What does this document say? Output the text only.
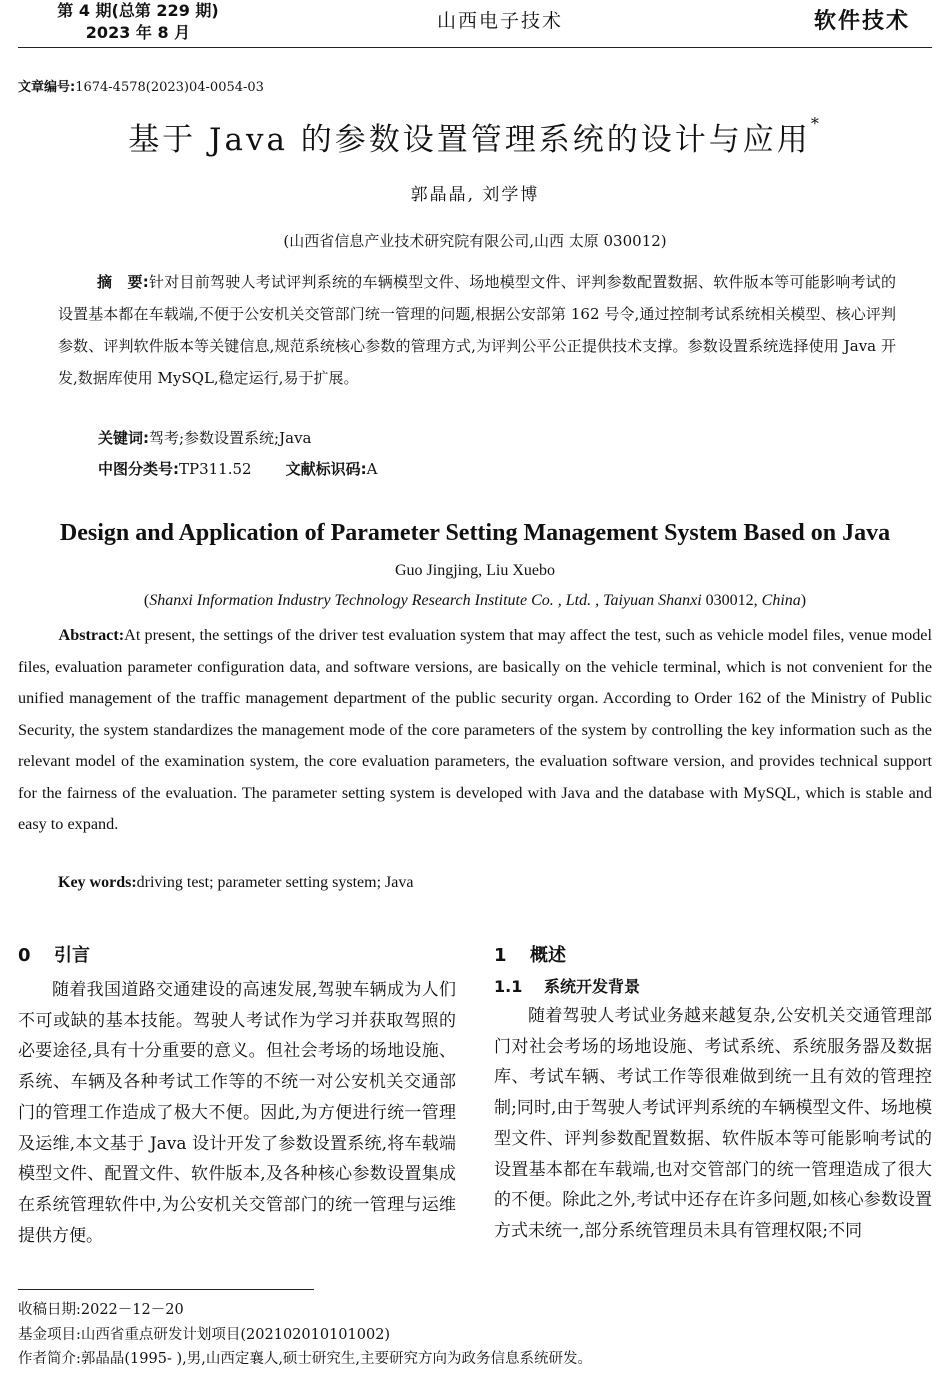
第 4 期(总第 229 期)
2023 年 8 月
山西电子技术	软件技术
文章编号:1674-4578(2023)04-0054-03
基于 Java 的参数设置管理系统的设计与应用*
郭晶晶, 刘学博
(山西省信息产业技术研究院有限公司,山西 太原 030012)
摘　要:针对目前驾驶人考试评判系统的车辆模型文件、场地模型文件、评判参数配置数据、软件版本等可能影响考试的设置基本都在车载端,不便于公安机关交管部门统一管理的问题,根据公安部第 162 号令,通过控制考试系统相关模型、核心评判参数、评判软件版本等关键信息,规范系统核心参数的管理方式,为评判公平公正提供技术支撑。参数设置系统选择使用 Java 开发,数据库使用 MySQL,稳定运行,易于扩展。
关键词:驾考;参数设置系统;Java
中图分类号:TP311.52 文献标识码:A
Design and Application of Parameter Setting Management System Based on Java
Guo Jingjing, Liu Xuebo
(Shanxi Information Industry Technology Research Institute Co. , Ltd. , Taiyuan Shanxi 030012, China)
Abstract:At present, the settings of the driver test evaluation system that may affect the test, such as vehicle model files, venue model files, evaluation parameter configuration data, and software versions, are basically on the vehicle terminal, which is not convenient for the unified management of the traffic management department of the public security organ. According to Order 162 of the Ministry of Public Security, the system standardizes the management mode of the core parameters of the system by controlling the key information such as the relevant model of the examination system, the core evaluation parameters, the evaluation software version, and provides technical support for the fairness of the evaluation. The parameter setting system is developed with Java and the database with MySQL, which is stable and easy to expand.
Key words:driving test; parameter setting system; Java
0 引言
随着我国道路交通建设的高速发展,驾驶车辆成为人们不可或缺的基本技能。驾驶人考试作为学习并获取驾照的必要途径,具有十分重要的意义。但社会考场的场地设施、系统、车辆及各种考试工作等的不统一对公安机关交通部门的管理工作造成了极大不便。因此,为方便进行统一管理及运维,本文基于 Java 设计开发了参数设置系统,将车载端模型文件、配置文件、软件版本,及各种核心参数设置集成在系统管理软件中,为公安机关交管部门的统一管理与运维提供方便。
1 概述
1.1 系统开发背景
随着驾驶人考试业务越来越复杂,公安机关交通管理部门对社会考场的场地设施、考试系统、系统服务器及数据库、考试车辆、考试工作等很难做到统一且有效的管理控制;同时,由于驾驶人考试评判系统的车辆模型文件、场地模型文件、评判参数配置数据、软件版本等可能影响考试的设置基本都在车载端,也对交管部门的统一管理造成了很大的不便。除此之外,考试中还存在许多问题,如核心参数设置方式未统一,部分系统管理员未具有管理权限;不同
收稿日期:2022－12－20
基金项目:山西省重点研发计划项目(202102010101002)
作者简介:郭晶晶(1995- ),男,山西定襄人,硕士研究生,主要研究方向为政务信息系统研发。
